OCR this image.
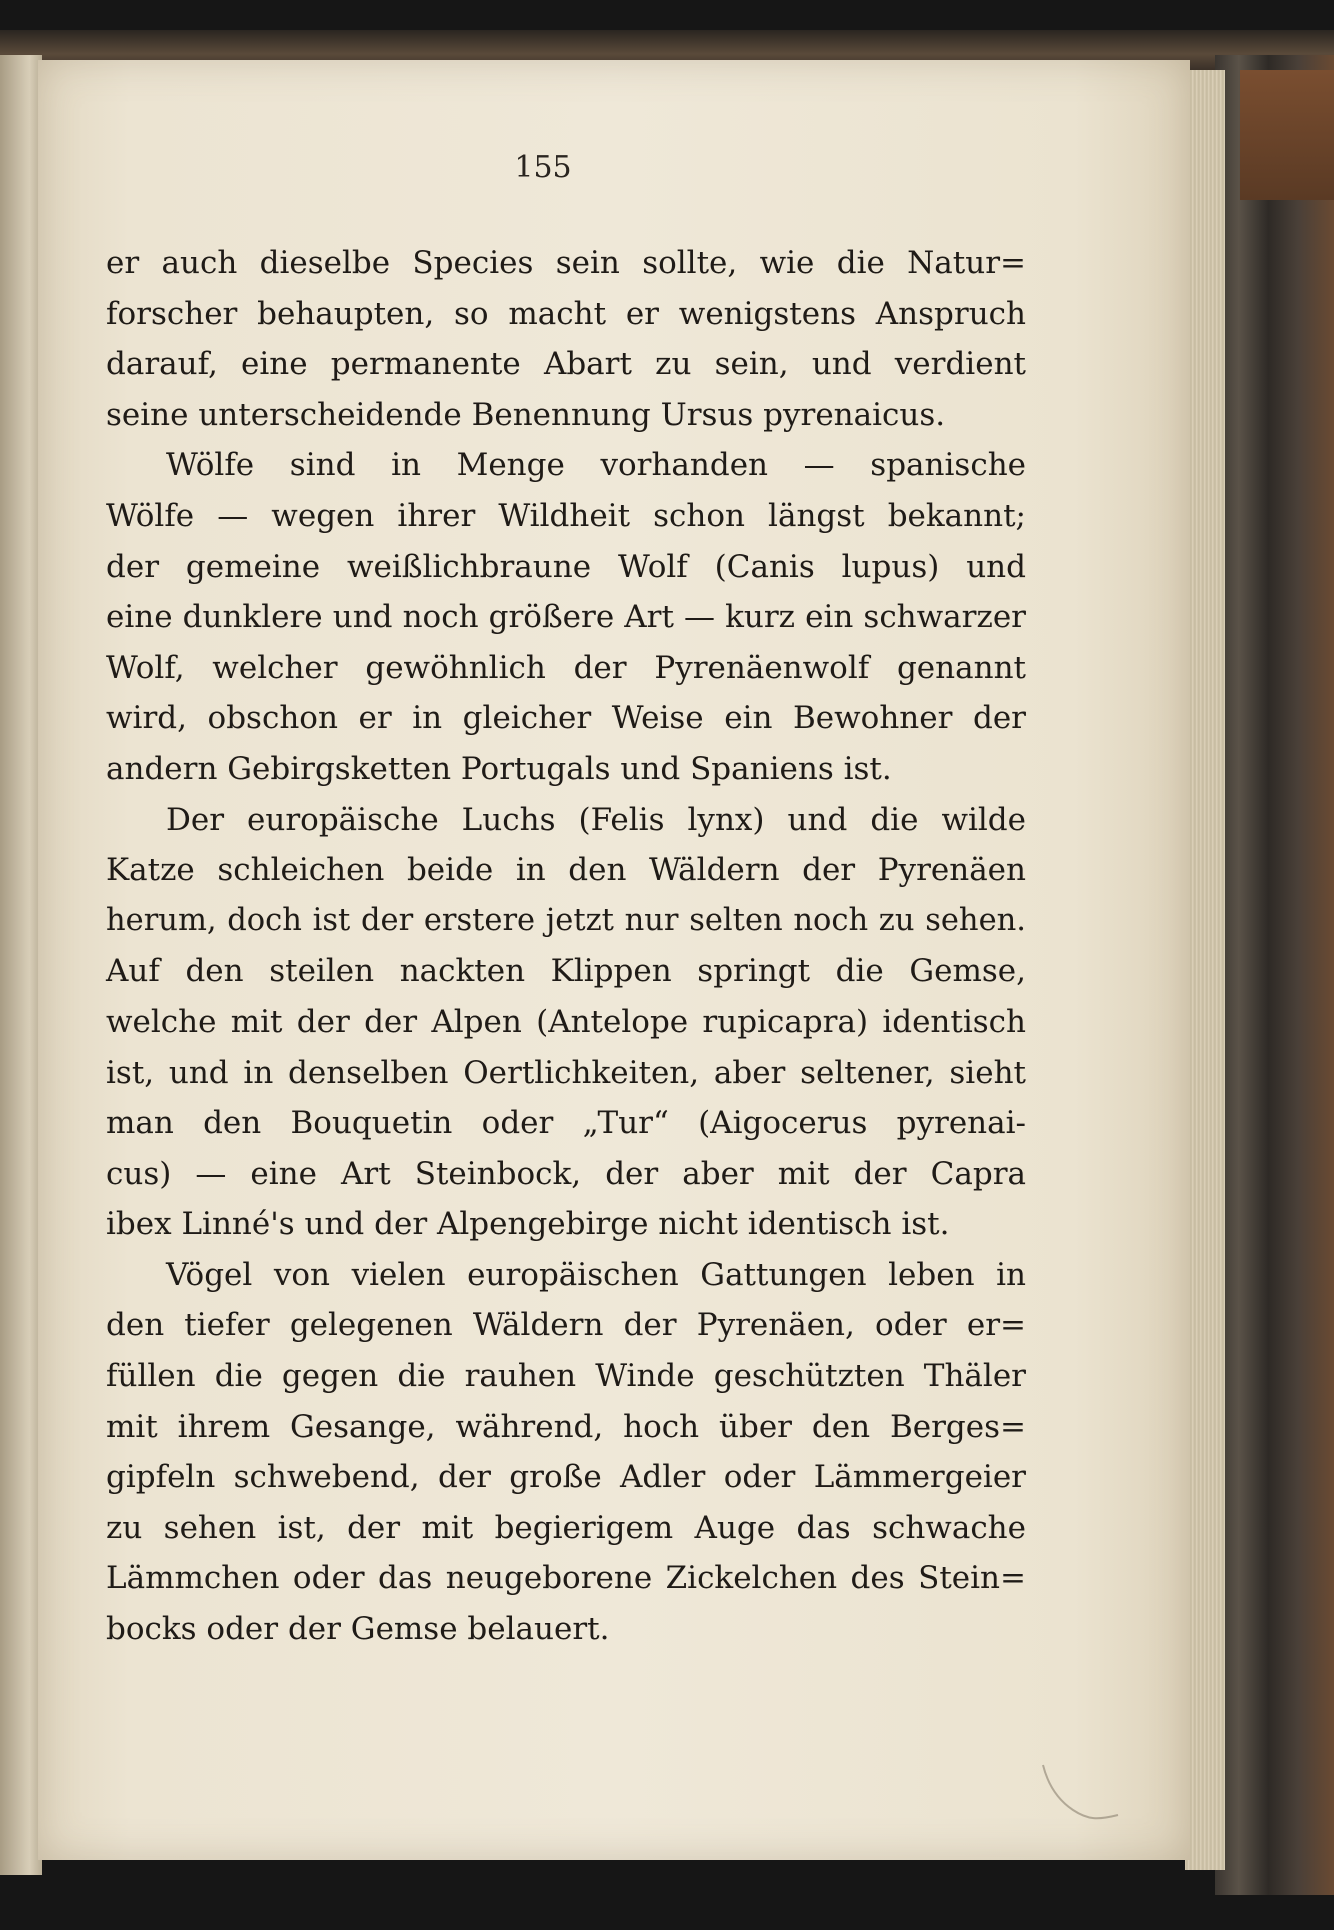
155
er auch dieselbe Species sein sollte, wie die Natur=
forscher behaupten, so macht er wenigstens Anspruch
darauf, eine permanente Abart zu sein, und verdient
seine unterscheidende Benennung Ursus pyrenaicus.
Wölfe sind in Menge vorhanden — spanische
Wölfe — wegen ihrer Wildheit schon längst bekannt;
der gemeine weißlichbraune Wolf (Canis lupus) und
eine dunklere und noch größere Art — kurz ein schwarzer
Wolf, welcher gewöhnlich der Pyrenäenwolf genannt
wird, obschon er in gleicher Weise ein Bewohner der
andern Gebirgsketten Portugals und Spaniens ist.
Der europäische Luchs (Felis lynx) und die wilde
Katze schleichen beide in den Wäldern der Pyrenäen
herum, doch ist der erstere jetzt nur selten noch zu sehen.
Auf den steilen nackten Klippen springt die Gemse,
welche mit der der Alpen (Antelope rupicapra) identisch
ist, und in denselben Oertlichkeiten, aber seltener, sieht
man den Bouquetin oder „Tur“ (Aigocerus pyrenai-
cus) — eine Art Steinbock, der aber mit der Capra
ibex Linné's und der Alpengebirge nicht identisch ist.
Vögel von vielen europäischen Gattungen leben in
den tiefer gelegenen Wäldern der Pyrenäen, oder er=
füllen die gegen die rauhen Winde geschützten Thäler
mit ihrem Gesange, während, hoch über den Berges=
gipfeln schwebend, der große Adler oder Lämmergeier
zu sehen ist, der mit begierigem Auge das schwache
Lämmchen oder das neugeborene Zickelchen des Stein=
bocks oder der Gemse belauert.
